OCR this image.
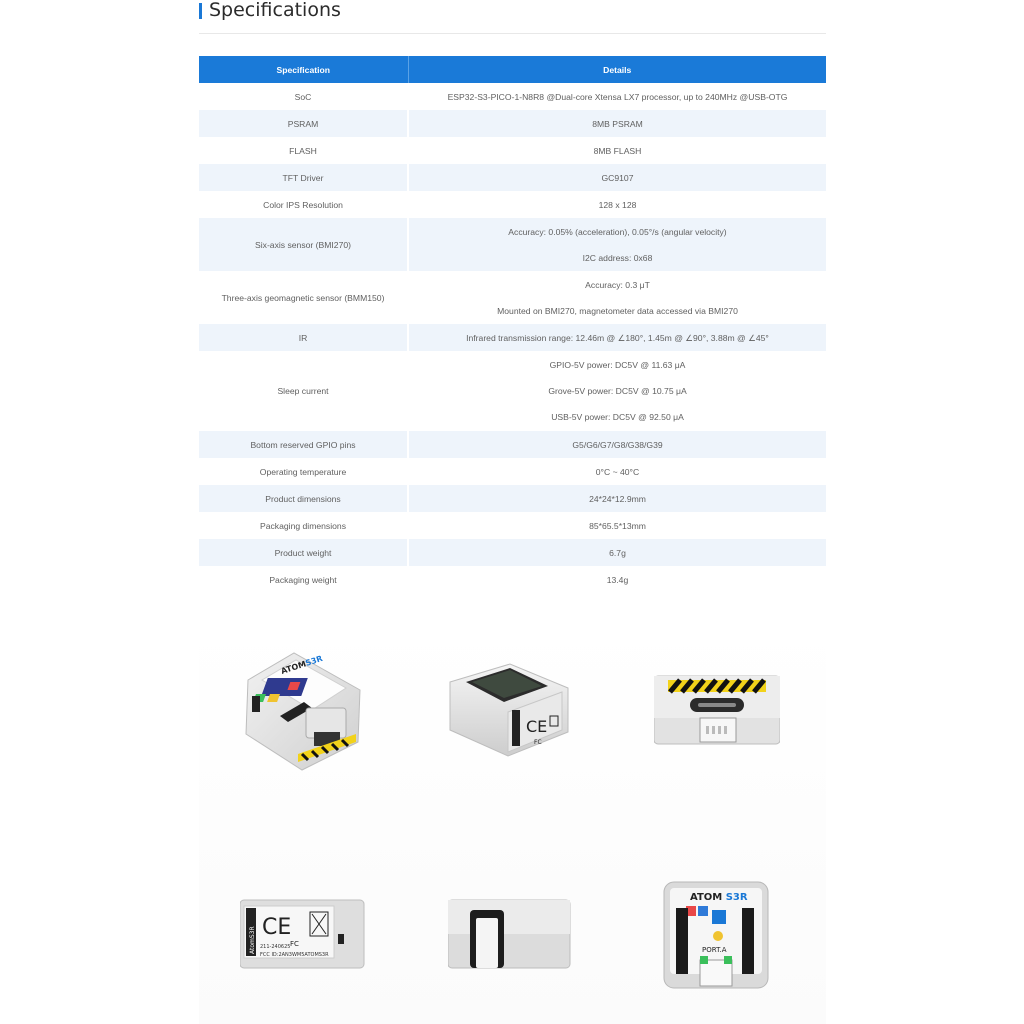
Specifications
Specification	Details
SoC	ESP32-S3-PICO-1-N8R8 @Dual-core Xtensa LX7 processor, up to 240MHz @USB-OTG
PSRAM	8MB PSRAM
FLASH	8MB FLASH
TFT Driver	GC9107
Color IPS Resolution	128 x 128
Six-axis sensor (BMI270)	Accuracy: 0.05% (acceleration), 0.05°/s (angular velocity)
I2C address: 0x68

Three-axis geomagnetic sensor (BMM150)	Accuracy: 0.3 μT
Mounted on BMI270, magnetometer data accessed via BMI270

IR	Infrared transmission range: 12.46m @ ∠180°, 1.45m @ ∠90°, 3.88m @ ∠45°
Sleep current	GPIO-5V power: DC5V @ 11.63 μA
Grove-5V power: DC5V @ 10.75 μA
USB-5V power: DC5V @ 92.50 μA

Bottom reserved GPIO pins	G5/G6/G7/G8/G38/G39
Operating temperature	0°C ~ 40°C
Product dimensions	24*24*12.9mm
Packaging dimensions	85*65.5*13mm
Product weight	6.7g
Packaging weight	13.4g
ATOMS3R
CE
FC
AtomS3R CE
FC
211-240625
FCC ID:2AN3WM5ATOMS3R
ATOM S3R
PORT.A
